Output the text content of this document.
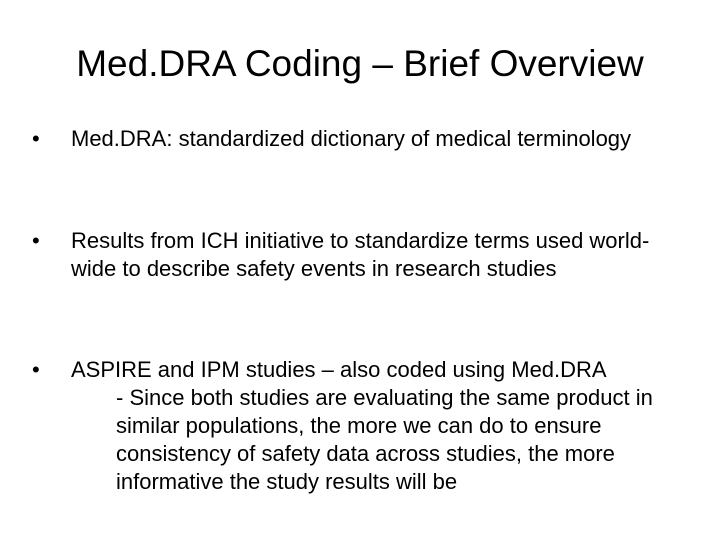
Med.DRA Coding – Brief Overview
•	Med.DRA: standardized dictionary of medical terminology
•	Results from ICH initiative to standardize terms used world-wide to describe safety events in research studies
•	ASPIRE and IPM studies – also coded using Med.DRA
- Since both studies are evaluating the same product in similar populations, the more we can do to ensure consistency of safety data across studies, the more informative the study results will be
